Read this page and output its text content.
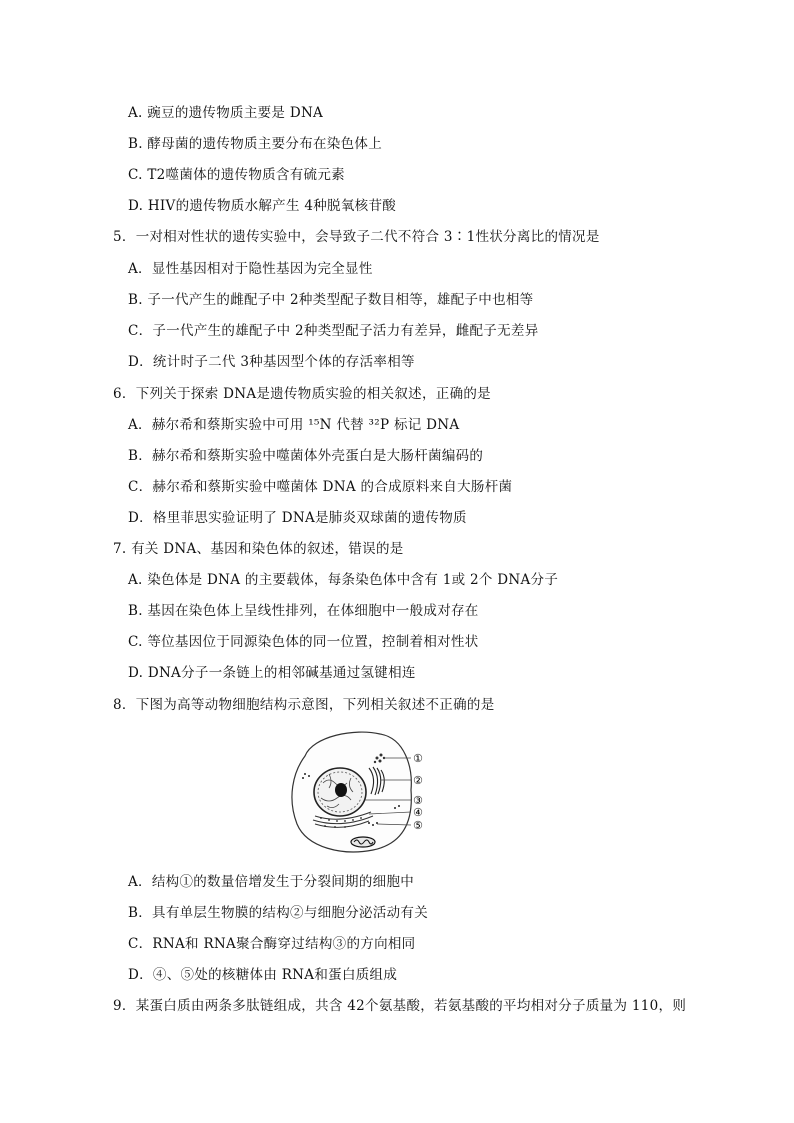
A. 豌豆的遗传物质主要是 DNA
B. 酵母菌的遗传物质主要分布在染色体上
C. T2噬菌体的遗传物质含有硫元素
D. HIV的遗传物质水解产生 4种脱氧核苷酸
5．一对相对性状的遗传实验中，会导致子二代不符合 3∶1性状分离比的情况是
A．显性基因相对于隐性基因为完全显性
B. 子一代产生的雌配子中 2种类型配子数目相等，雄配子中也相等
C．子一代产生的雄配子中 2种类型配子活力有差异，雌配子无差异
D．统计时子二代 3种基因型个体的存活率相等
6．下列关于探索 DNA是遗传物质实验的相关叙述，正确的是
A．赫尔希和蔡斯实验中可用 ¹⁵N 代替 ³²P 标记 DNA
B．赫尔希和蔡斯实验中噬菌体外壳蛋白是大肠杆菌编码的
C．赫尔希和蔡斯实验中噬菌体 DNA 的合成原料来自大肠杆菌
D．格里菲思实验证明了 DNA是肺炎双球菌的遗传物质
7. 有关 DNA、基因和染色体的叙述，错误的是
A. 染色体是 DNA 的主要载体，每条染色体中含有 1或 2个 DNA分子
B. 基因在染色体上呈线性排列，在体细胞中一般成对存在
C. 等位基因位于同源染色体的同一位置，控制着相对性状
D. DNA分子一条链上的相邻碱基通过氢键相连
8．下图为高等动物细胞结构示意图，下列相关叙述不正确的是
①
②
③
④
⑤
A．结构①的数量倍增发生于分裂间期的细胞中
B．具有单层生物膜的结构②与细胞分泌活动有关
C．RNA和 RNA聚合酶穿过结构③的方向相同
D．④、⑤处的核糖体由 RNA和蛋白质组成
9．某蛋白质由两条多肽链组成，共含 42个氨基酸，若氨基酸的平均相对分子质量为 110，则
